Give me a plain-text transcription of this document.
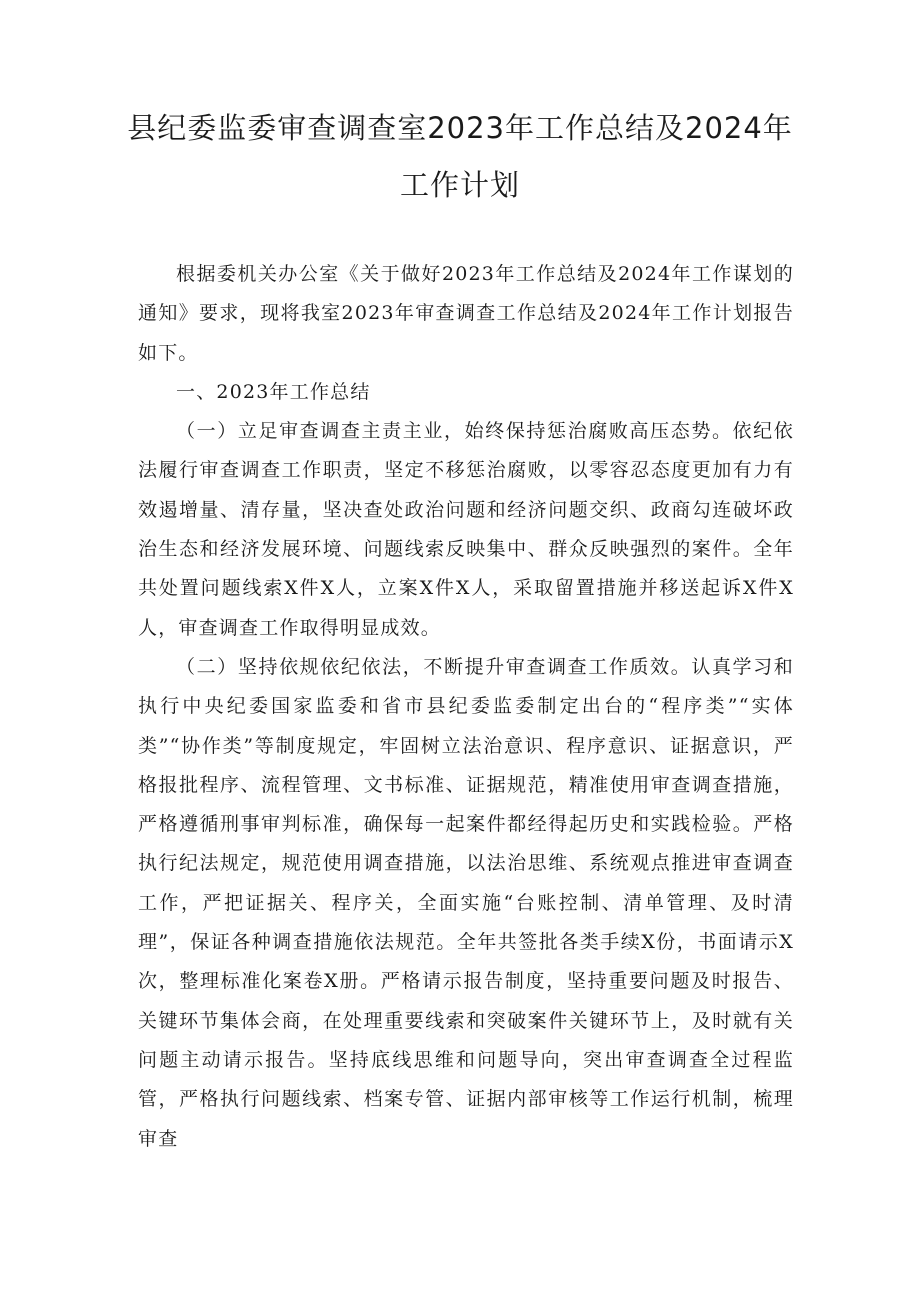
县纪委监委审查调查室2023年工作总结及2024年工作计划

根据委机关办公室《关于做好2023年工作总结及2024年工作谋划的通知》要求，现将我室2023年审查调查工作总结及2024年工作计划报告如下。

一、2023年工作总结

（一）立足审查调查主责主业，始终保持惩治腐败高压态势。依纪依法履行审查调查工作职责，坚定不移惩治腐败，以零容忍态度更加有力有效遏增量、清存量，坚决查处政治问题和经济问题交织、政商勾连破坏政治生态和经济发展环境、问题线索反映集中、群众反映强烈的案件。全年共处置问题线索X件X人，立案X件X人，采取留置措施并移送起诉X件X人，审查调查工作取得明显成效。

（二）坚持依规依纪依法，不断提升审查调查工作质效。认真学习和执行中央纪委国家监委和省市县纪委监委制定出台的“程序类”“实体类”“协作类”等制度规定，牢固树立法治意识、程序意识、证据意识，严格报批程序、流程管理、文书标准、证据规范，精准使用审查调查措施，严格遵循刑事审判标准，确保每一起案件都经得起历史和实践检验。严格执行纪法规定，规范使用调查措施，以法治思维、系统观点推进审查调查工作，严把证据关、程序关，全面实施“台账控制、清单管理、及时清理”，保证各种调查措施依法规范。全年共签批各类手续X份，书面请示X次，整理标准化案卷X册。严格请示报告制度，坚持重要问题及时报告、关键环节集体会商，在处理重要线索和突破案件关键环节上，及时就有关问题主动请示报告。坚持底线思维和问题导向，突出审查调查全过程监管，严格执行问题线索、档案专管、证据内部审核等工作运行机制，梳理审查
